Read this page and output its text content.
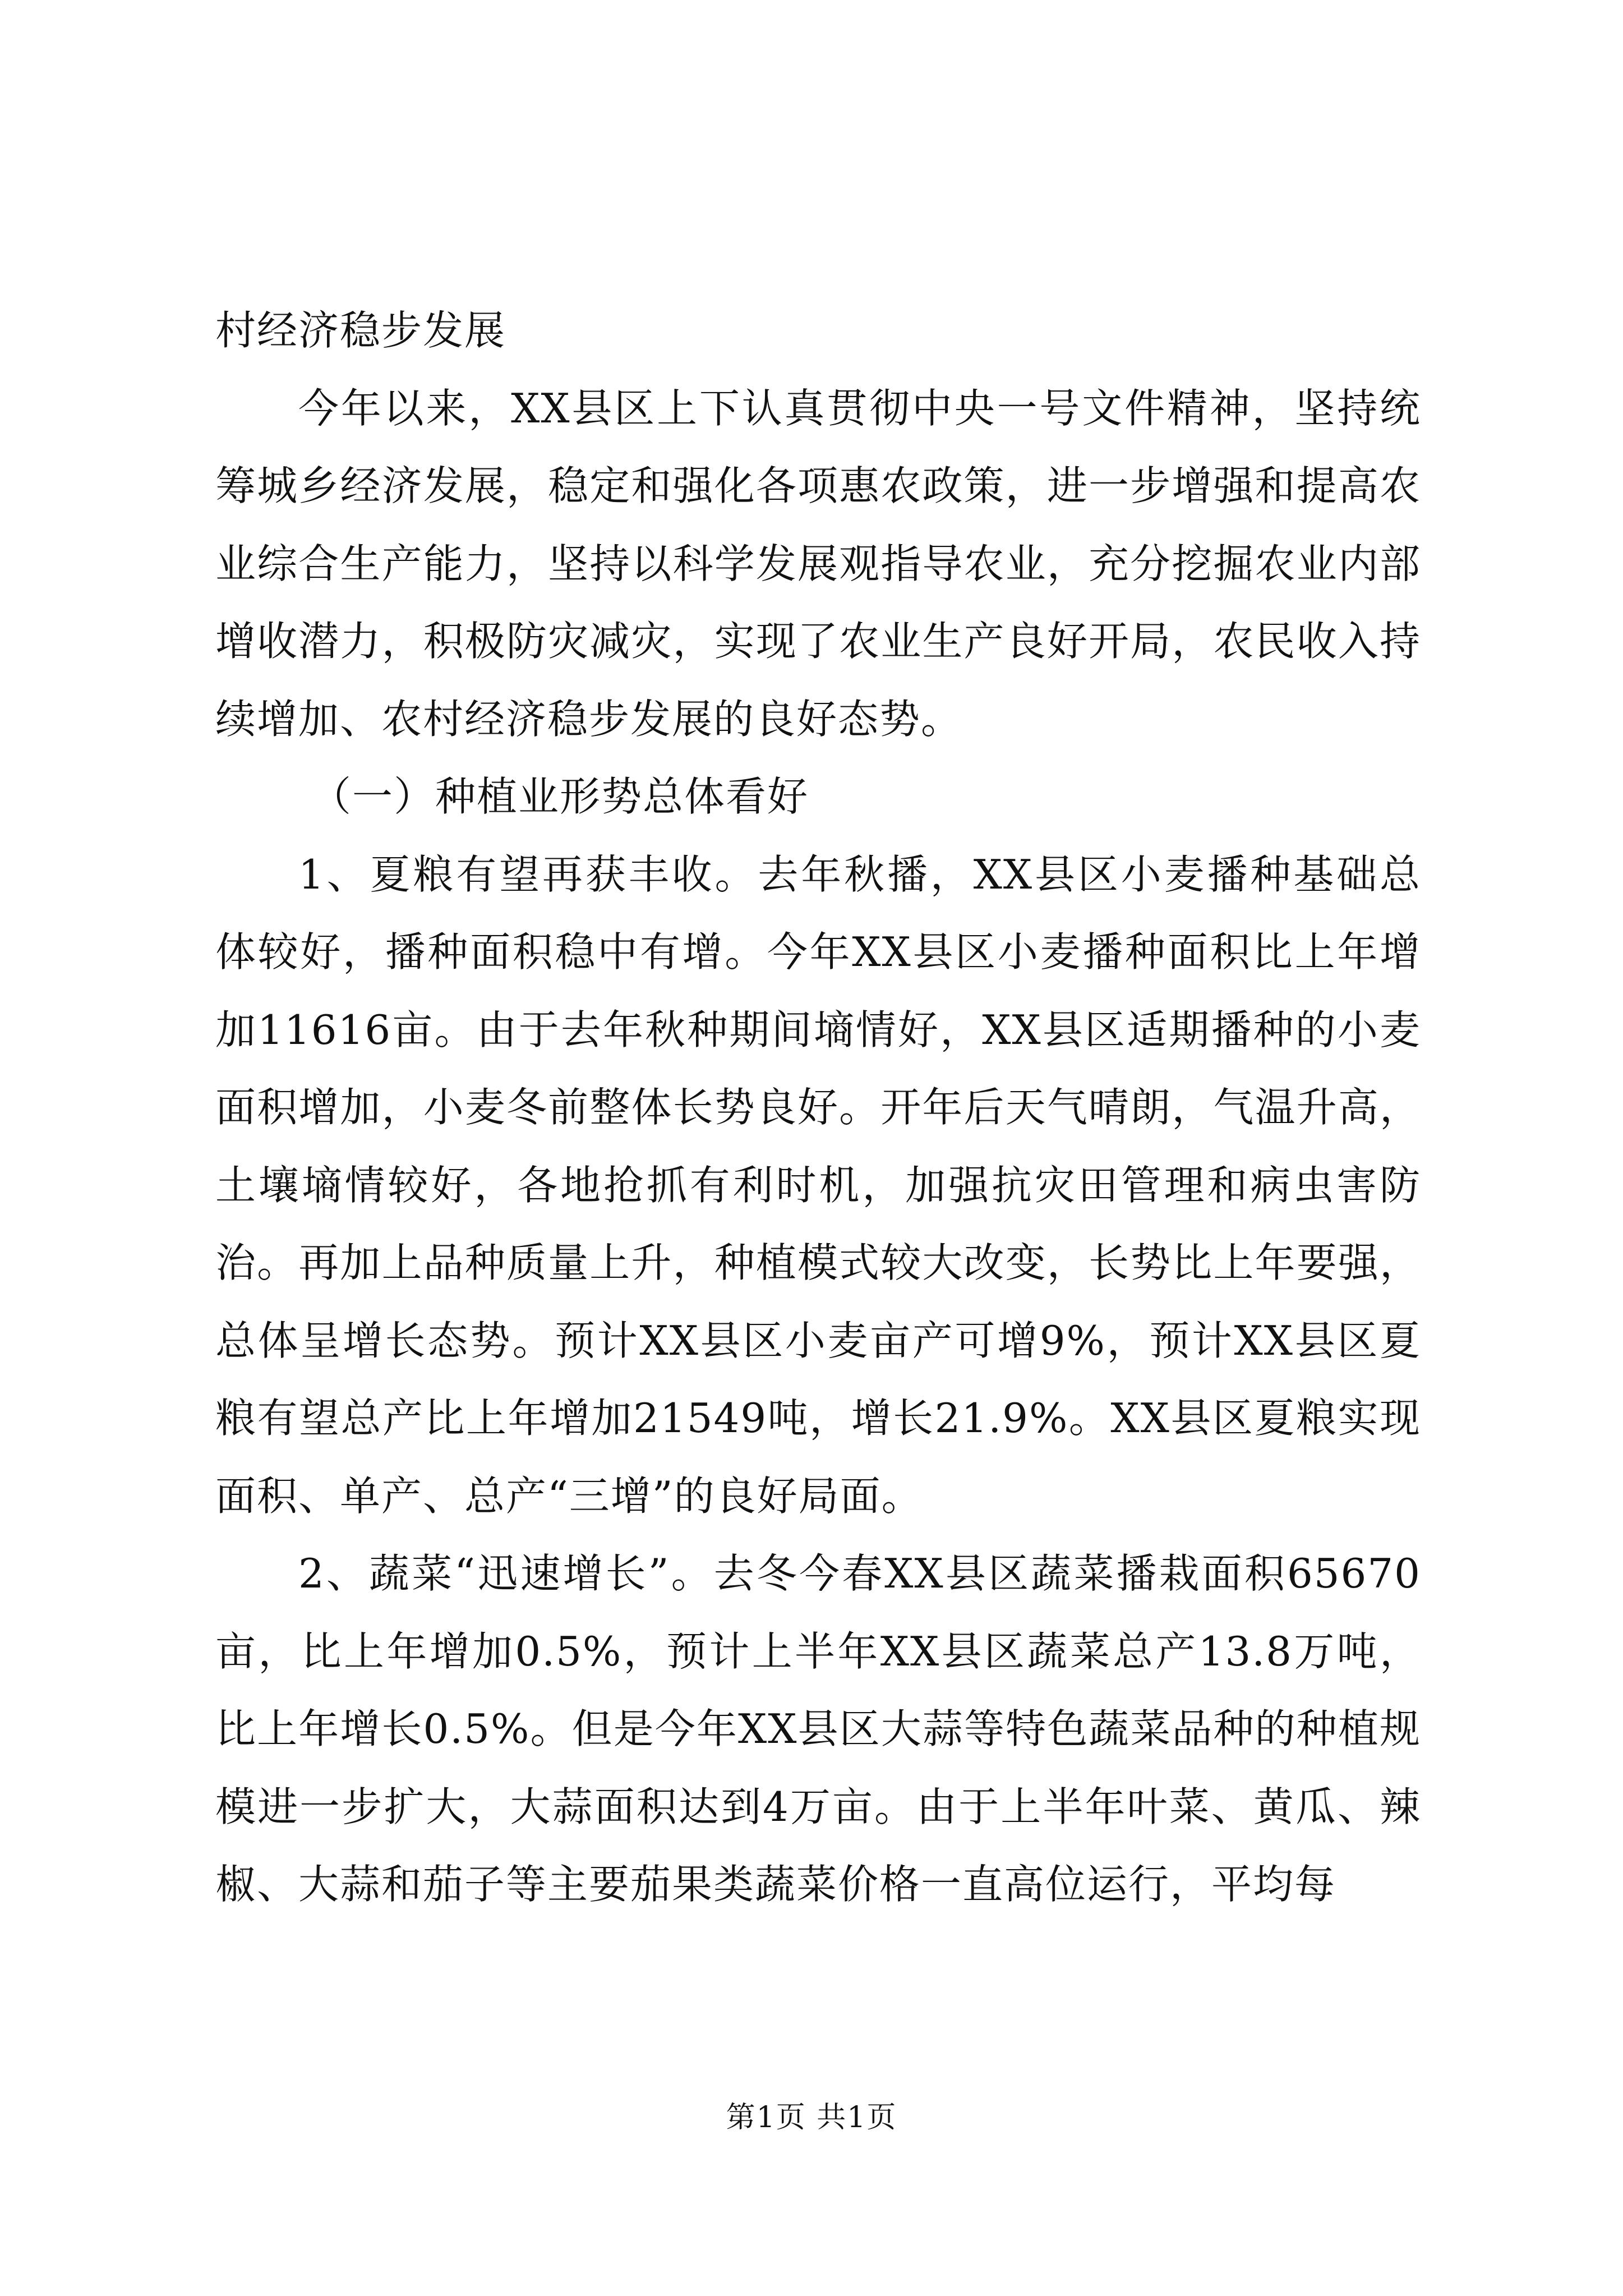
村经济稳步发展

今年以来，XX县区上下认真贯彻中央一号文件精神，坚持统筹城乡经济发展，稳定和强化各项惠农政策，进一步增强和提高农业综合生产能力，坚持以科学发展观指导农业，充分挖掘农业内部增收潜力，积极防灾减灾，实现了农业生产良好开局，农民收入持续增加、农村经济稳步发展的良好态势。

（一）种植业形势总体看好

1、夏粮有望再获丰收。去年秋播，XX县区小麦播种基础总体较好，播种面积稳中有增。今年XX县区小麦播种面积比上年增加11616亩。由于去年秋种期间墒情好，XX县区适期播种的小麦面积增加，小麦冬前整体长势良好。开年后天气晴朗，气温升高，土壤墒情较好，各地抢抓有利时机，加强抗灾田管理和病虫害防治。再加上品种质量上升，种植模式较大改变，长势比上年要强，总体呈增长态势。预计XX县区小麦亩产可增9%，预计XX县区夏粮有望总产比上年增加21549吨，增长21.9%。XX县区夏粮实现面积、单产、总产“三增”的良好局面。

2、蔬菜“迅速增长”。去冬今春XX县区蔬菜播栽面积65670亩，比上年增加0.5%，预计上半年XX县区蔬菜总产13.8万吨，比上年增长0.5%。但是今年XX县区大蒜等特色蔬菜品种的种植规模进一步扩大，大蒜面积达到4万亩。由于上半年叶菜、黄瓜、辣椒、大蒜和茄子等主要茄果类蔬菜价格一直高位运行，平均每

第1页 共1页
